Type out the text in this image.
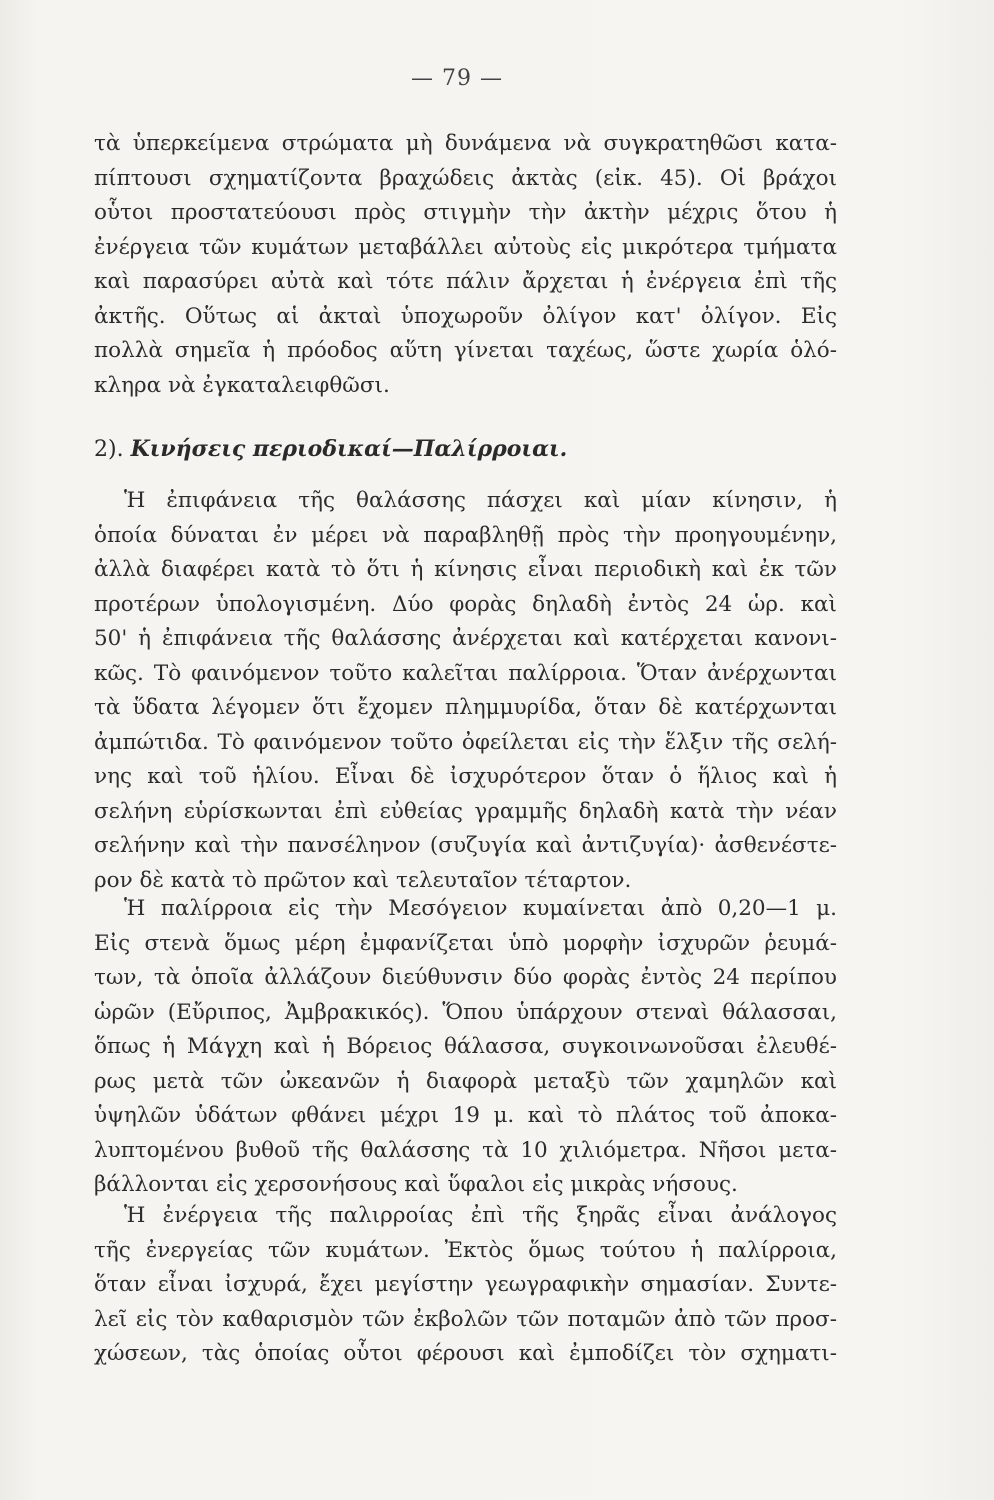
— 79 —
τὰ ὑπερκείμενα στρώματα μὴ δυνάμενα νὰ συγκρατηθῶσι κατα-
πίπτουσι σχηματίζοντα βραχώδεις ἀκτὰς (εἰκ. 45). Οἱ βράχοι
οὗτοι προστατεύουσι πρὸς στιγμὴν τὴν ἀκτὴν μέχρις ὅτου ἡ
ἐνέργεια τῶν κυμάτων μεταβάλλει αὐτοὺς εἰς μικρότερα τμήματα
καὶ παρασύρει αὐτὰ καὶ τότε πάλιν ἄρχεται ἡ ἐνέργεια ἐπὶ τῆς
ἀκτῆς. Οὕτως αἱ ἀκταὶ ὑποχωροῦν ὀλίγον κατ' ὀλίγον. Εἰς
πολλὰ σημεῖα ἡ πρόοδος αὕτη γίνεται ταχέως, ὥστε χωρία ὁλό-
κληρα νὰ ἐγκαταλειφθῶσι.
2). Κινήσεις περιοδικαί—Παλίρροιαι.
Ἡ ἐπιφάνεια τῆς θαλάσσης πάσχει καὶ μίαν κίνησιν, ἡ
ὁποία δύναται ἐν μέρει νὰ παραβληθῇ πρὸς τὴν προηγουμένην,
ἀλλὰ διαφέρει κατὰ τὸ ὅτι ἡ κίνησις εἶναι περιοδικὴ καὶ ἐκ τῶν
προτέρων ὑπολογισμένη. Δύο φορὰς δηλαδὴ ἐντὸς 24 ὡρ. καὶ
50' ἡ ἐπιφάνεια τῆς θαλάσσης ἀνέρχεται καὶ κατέρχεται κανονι-
κῶς. Τὸ φαινόμενον τοῦτο καλεῖται παλίρροια. Ὅταν ἀνέρχωνται
τὰ ὕδατα λέγομεν ὅτι ἔχομεν πλημμυρίδα, ὅταν δὲ κατέρχωνται
ἀμπώτιδα. Τὸ φαινόμενον τοῦτο ὀφείλεται εἰς τὴν ἕλξιν τῆς σελή-
νης καὶ τοῦ ἡλίου. Εἶναι δὲ ἰσχυρότερον ὅταν ὁ ἥλιος καὶ ἡ
σελήνη εὑρίσκωνται ἐπὶ εὐθείας γραμμῆς δηλαδὴ κατὰ τὴν νέαν
σελήνην καὶ τὴν πανσέληνον (συζυγία καὶ ἀντιζυγία)· ἀσθενέστε-
ρον δὲ κατὰ τὸ πρῶτον καὶ τελευταῖον τέταρτον.
Ἡ παλίρροια εἰς τὴν Μεσόγειον κυμαίνεται ἀπὸ 0,20—1 μ.
Εἰς στενὰ ὅμως μέρη ἐμφανίζεται ὑπὸ μορφὴν ἰσχυρῶν ῥευμά-
των, τὰ ὁποῖα ἀλλάζουν διεύθυνσιν δύο φορὰς ἐντὸς 24 περίπου
ὡρῶν (Εὔριπος, Ἀμβρακικός). Ὅπου ὑπάρχουν στεναὶ θάλασσαι,
ὅπως ἡ Μάγχη καὶ ἡ Βόρειος θάλασσα, συγκοινωνοῦσαι ἐλευθέ-
ρως μετὰ τῶν ὠκεανῶν ἡ διαφορὰ μεταξὺ τῶν χαμηλῶν καὶ
ὑψηλῶν ὑδάτων φθάνει μέχρι 19 μ. καὶ τὸ πλάτος τοῦ ἀποκα-
λυπτομένου βυθοῦ τῆς θαλάσσης τὰ 10 χιλιόμετρα. Νῆσοι μετα-
βάλλονται εἰς χερσονήσους καὶ ὕφαλοι εἰς μικρὰς νήσους.
Ἡ ἐνέργεια τῆς παλιρροίας ἐπὶ τῆς ξηρᾶς εἶναι ἀνάλογος
τῆς ἐνεργείας τῶν κυμάτων. Ἐκτὸς ὅμως τούτου ἡ παλίρροια,
ὅταν εἶναι ἰσχυρά, ἔχει μεγίστην γεωγραφικὴν σημασίαν. Συντε-
λεῖ εἰς τὸν καθαρισμὸν τῶν ἐκβολῶν τῶν ποταμῶν ἀπὸ τῶν προσ-
χώσεων, τὰς ὁποίας οὗτοι φέρουσι καὶ ἐμποδίζει τὸν σχηματι-
